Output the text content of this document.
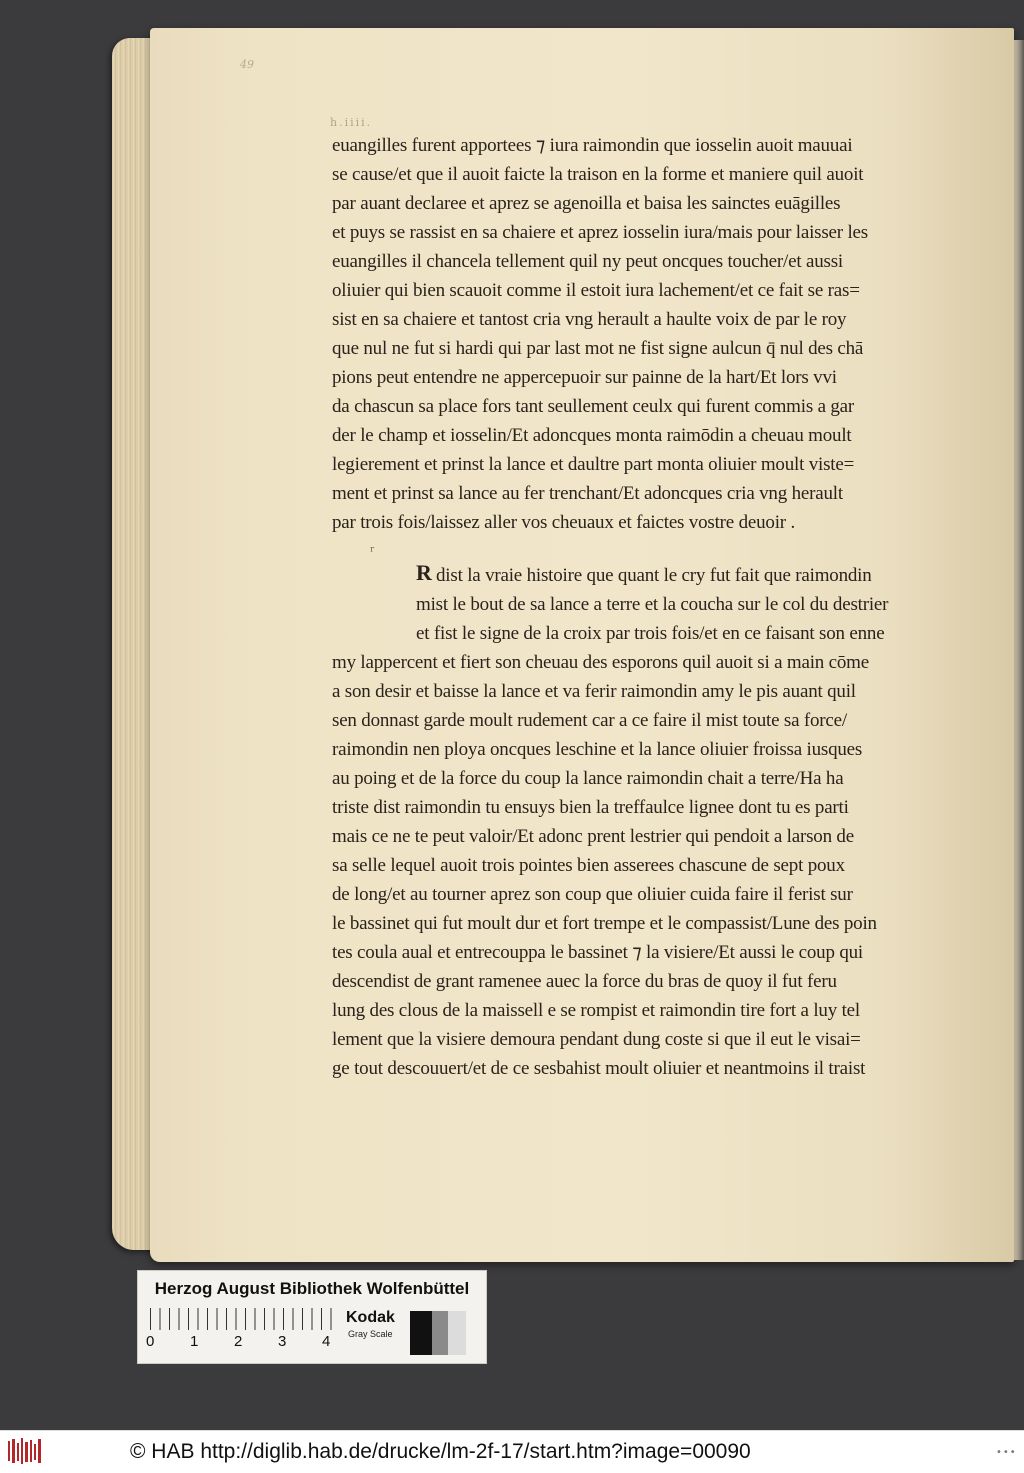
49
h.iiii.
euangilles furent apportees ⁊ iura raimondin que iosselin auoit mauuai
se cause/et que il auoit faicte la traison en la forme et maniere quil auoit
par auant declaree et aprez se agenoilla et baisa les sainctes euāgilles
et puys se rassist en sa chaiere et aprez iosselin iura/mais pour laisser les
euangilles il chancela tellement quil ny peut oncques toucher/et aussi
oliuier qui bien scauoit comme il estoit iura lachement/et ce fait se ras=
sist en sa chaiere et tantost cria vng herault a haulte voix de par le roy
que nul ne fut si hardi qui par last mot ne fist signe aulcun q̄ nul des chā
pions peut entendre ne appercepuoir sur painne de la hart/Et lors vvi
da chascun sa place fors tant seullement ceulx qui furent commis a gar
der le champ et iosselin/Et adoncques monta raimōdin a cheuau moult
legierement et prinst la lance et daultre part monta oliuier moult viste=
ment et prinst sa lance au fer trenchant/Et adoncques cria vng herault
par trois fois/laissez aller vos cheuaux et faictes vostre deuoir .
ʳ
R dist la vraie histoire que quant le cry fut fait que raimondin
mist le bout de sa lance a terre et la coucha sur le col du destrier
et fist le signe de la croix par trois fois/et en ce faisant son enne
my lappercent et fiert son cheuau des esporons quil auoit si a main cōme
a son desir et baisse la lance et va ferir raimondin amy le pis auant quil
sen donnast garde moult rudement car a ce faire il mist toute sa force/
raimondin nen ploya oncques leschine et la lance oliuier froissa iusques
au poing et de la force du coup la lance raimondin chait a terre/Ha ha
triste dist raimondin tu ensuys bien la treffaulce lignee dont tu es parti
mais ce ne te peut valoir/Et adonc prent lestrier qui pendoit a larson de
sa selle lequel auoit trois pointes bien asserees chascune de sept poux
de long/et au tourner aprez son coup que oliuier cuida faire il ferist sur
le bassinet qui fut moult dur et fort trempe et le compassist/Lune des poin
tes coula aual et entrecouppa le bassinet ⁊ la visiere/Et aussi le coup qui
descendist de grant ramenee auec la force du bras de quoy il fut feru
lung des clous de la maissell e se rompist et raimondin tire fort a luy tel
lement que la visiere demoura pendant dung coste si que il eut le visai=
ge tout descouuert/et de ce sesbahist moult oliuier et neantmoins il traist
Herzog August Bibliothek Wolfenbüttel
0 1 2 3 4
Kodak
Gray Scale
© HAB http://diglib.hab.de/drucke/lm-2f-17/start.htm?image=00090	•••
